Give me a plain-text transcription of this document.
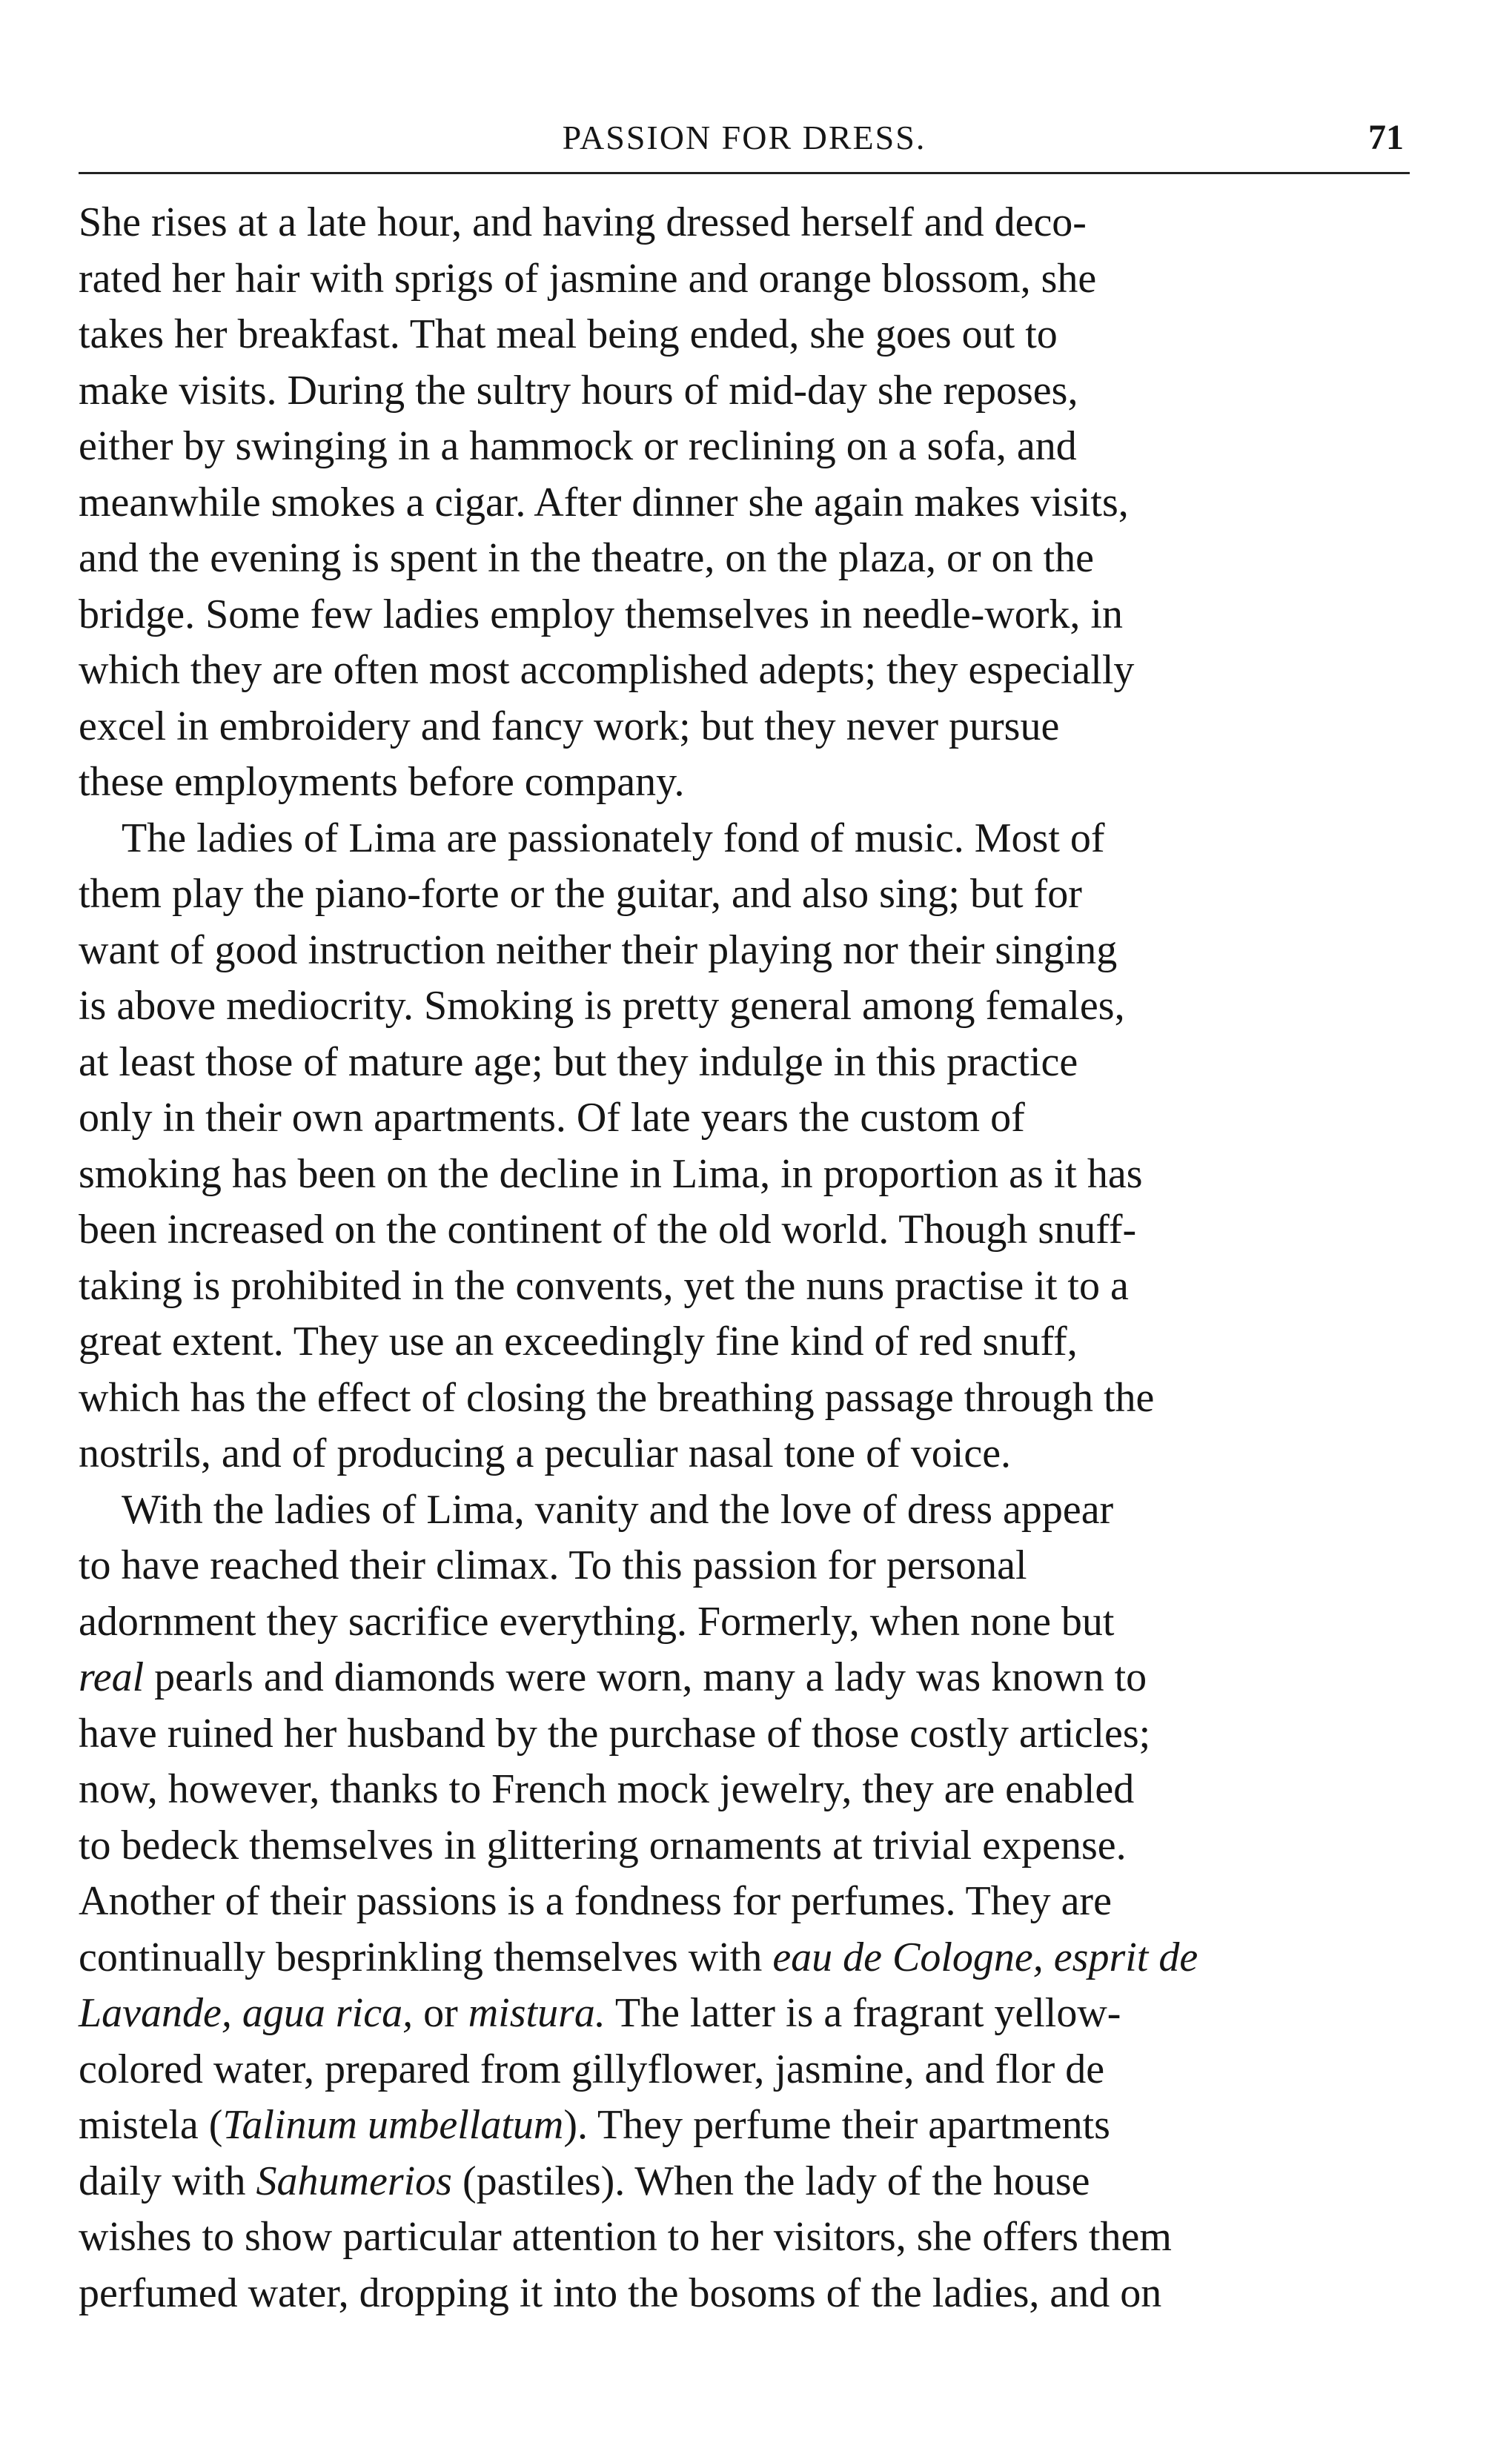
PASSION FOR DRESS.	71

She rises at a late hour, and having dressed herself and deco-
rated her hair with sprigs of jasmine and orange blossom, she
takes her breakfast. That meal being ended, she goes out to
make visits. During the sultry hours of mid-day she reposes,
either by swinging in a hammock or reclining on a sofa, and
meanwhile smokes a cigar. After dinner she again makes visits,
and the evening is spent in the theatre, on the plaza, or on the
bridge. Some few ladies employ themselves in needle-work, in
which they are often most accomplished adepts; they especially
excel in embroidery and fancy work; but they never pursue
these employments before company.

The ladies of Lima are passionately fond of music. Most of
them play the piano-forte or the guitar, and also sing; but for
want of good instruction neither their playing nor their singing
is above mediocrity. Smoking is pretty general among females,
at least those of mature age; but they indulge in this practice
only in their own apartments. Of late years the custom of
smoking has been on the decline in Lima, in proportion as it has
been increased on the continent of the old world. Though snuff-
taking is prohibited in the convents, yet the nuns practise it to a
great extent. They use an exceedingly fine kind of red snuff,
which has the effect of closing the breathing passage through the
nostrils, and of producing a peculiar nasal tone of voice.

With the ladies of Lima, vanity and the love of dress appear
to have reached their climax. To this passion for personal
adornment they sacrifice everything. Formerly, when none but
real pearls and diamonds were worn, many a lady was known to
have ruined her husband by the purchase of those costly articles;
now, however, thanks to French mock jewelry, they are enabled
to bedeck themselves in glittering ornaments at trivial expense.
Another of their passions is a fondness for perfumes. They are
continually besprinkling themselves with eau de Cologne, esprit de
Lavande, agua rica, or mistura. The latter is a fragrant yellow-
colored water, prepared from gillyflower, jasmine, and flor de
mistela (Talinum umbellatum). They perfume their apartments
daily with Sahumerios (pastiles). When the lady of the house
wishes to show particular attention to her visitors, she offers them
perfumed water, dropping it into the bosoms of the ladies, and on
